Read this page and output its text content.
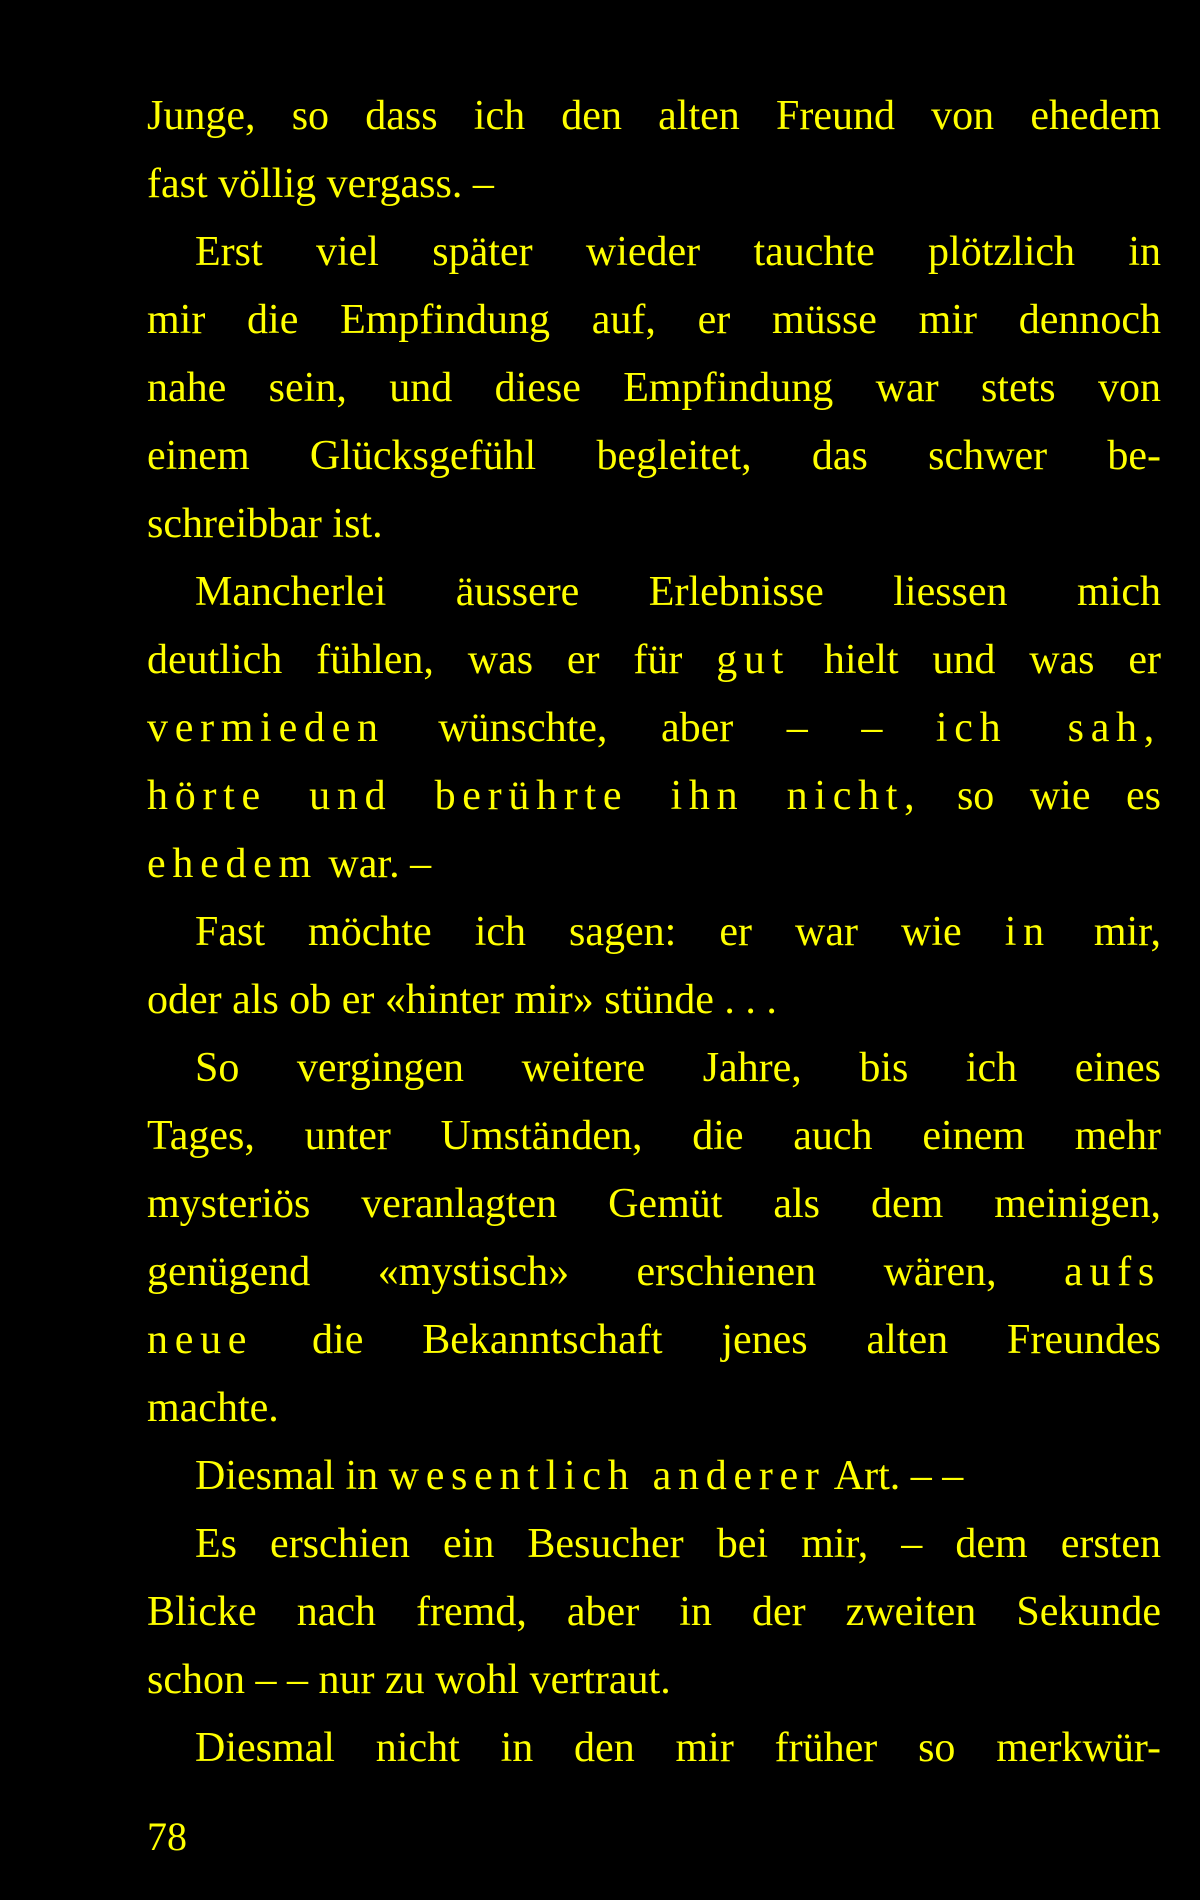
Junge, so dass ich den alten Freund von ehedem
fast völlig vergass. –
Erst viel später wieder tauchte plötzlich in
mir die Empfindung auf, er müsse mir dennoch
nahe sein, und diese Empfindung war stets von
einem Glücksgefühl begleitet, das schwer be-
schreibbar ist.
Mancherlei äussere Erlebnisse liessen mich
deutlich fühlen, was er für gut hielt und was er
vermieden wünschte, aber – – ich sah,
hörte und berührte ihn nicht, so wie es
ehedem war. –
Fast möchte ich sagen: er war wie in mir,
oder als ob er «hinter mir» stünde . . .
So vergingen weitere Jahre, bis ich eines
Tages, unter Umständen, die auch einem mehr
mysteriös veranlagten Gemüt als dem meinigen,
genügend «mystisch» erschienen wären, aufs
neue die Bekanntschaft jenes alten Freundes
machte.
Diesmal in wesentlich anderer Art. – –
Es erschien ein Besucher bei mir, – dem ersten
Blicke nach fremd, aber in der zweiten Sekunde
schon – – nur zu wohl vertraut.
Diesmal nicht in den mir früher so merkwür-
78
